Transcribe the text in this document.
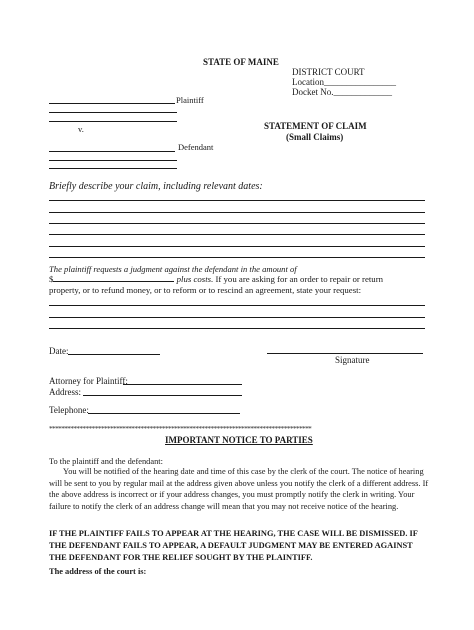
STATE OF MAINE
DISTRICT COURT
Location________________
Docket No._____________
Plaintiff
v.	STATEMENT OF CLAIM
(Small Claims)
Defendant
Briefly describe your claim, including relevant dates:
The plaintiff requests a judgment against the defendant in the amount of
$	plus costs. If you are asking for an order to repair or return
property, or to refund money, or to reform or to rescind an agreement, state your request:
Date:
Signature
Attorney for Plaintiff:
Address:
Telephone:
**************************************************************************************
IMPORTANT NOTICE TO PARTIES
To the plaintiff and the defendant:
You will be notified of the hearing date and time of this case by the clerk of the court. The notice of hearing will be sent to you by regular mail at the address given above unless you notify the clerk of a different address. If the above address is incorrect or if your address changes, you must promptly notify the clerk in writing. Your failure to notify the clerk of an address change will mean that you may not receive notice of the hearing.
IF THE PLAINTIFF FAILS TO APPEAR AT THE HEARING, THE CASE WILL BE DISMISSED. IF THE DEFENDANT FAILS TO APPEAR, A DEFAULT JUDGMENT MAY BE ENTERED AGAINST THE DEFENDANT FOR THE RELIEF SOUGHT BY THE PLAINTIFF.
The address of the court is:
